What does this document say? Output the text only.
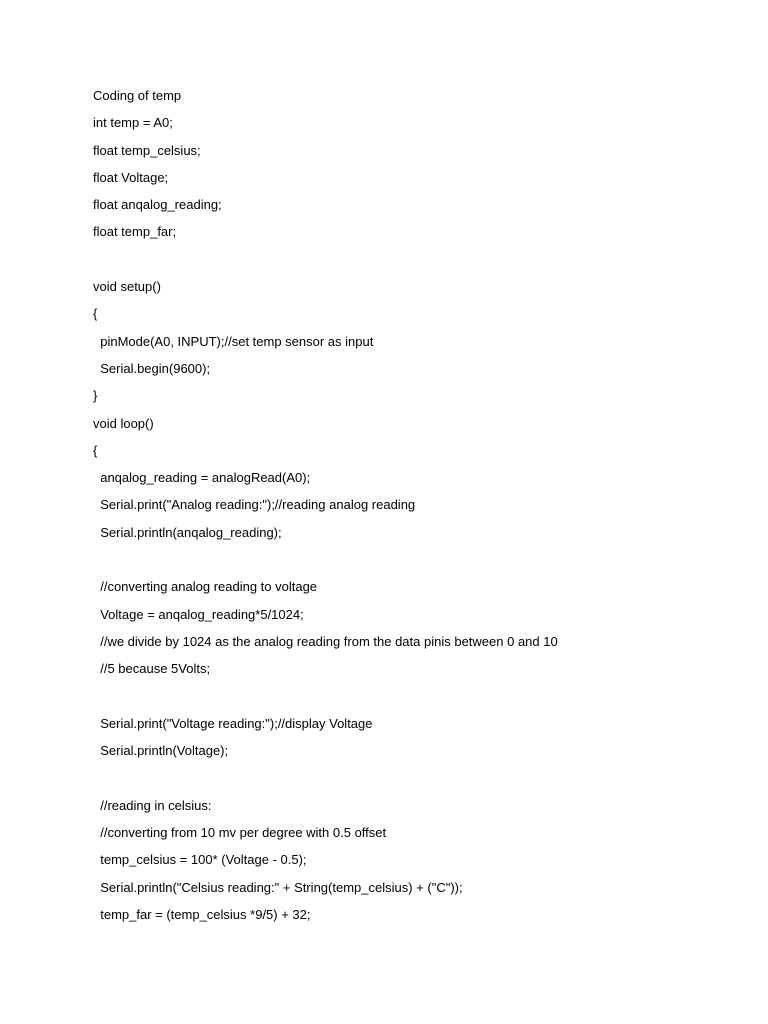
Coding of temp
int temp = A0;
float temp_celsius;
float Voltage;
float anqalog_reading;
float temp_far;
void setup()
{
pinMode(A0, INPUT);//set temp sensor as input
Serial.begin(9600);
}
void loop()
{
anqalog_reading = analogRead(A0);
Serial.print("Analog reading:");//reading analog reading
Serial.println(anqalog_reading);
//converting analog reading to voltage
Voltage = anqalog_reading*5/1024;
//we divide by 1024 as the analog reading from the data pinis between 0 and 10
//5 because 5Volts;
Serial.print("Voltage reading:");//display Voltage
Serial.println(Voltage);
//reading in celsius:
//converting from 10 mv per degree with 0.5 offset
temp_celsius = 100* (Voltage - 0.5);
Serial.println("Celsius reading:" + String(temp_celsius) + ("C"));
temp_far = (temp_celsius *9/5) + 32;
